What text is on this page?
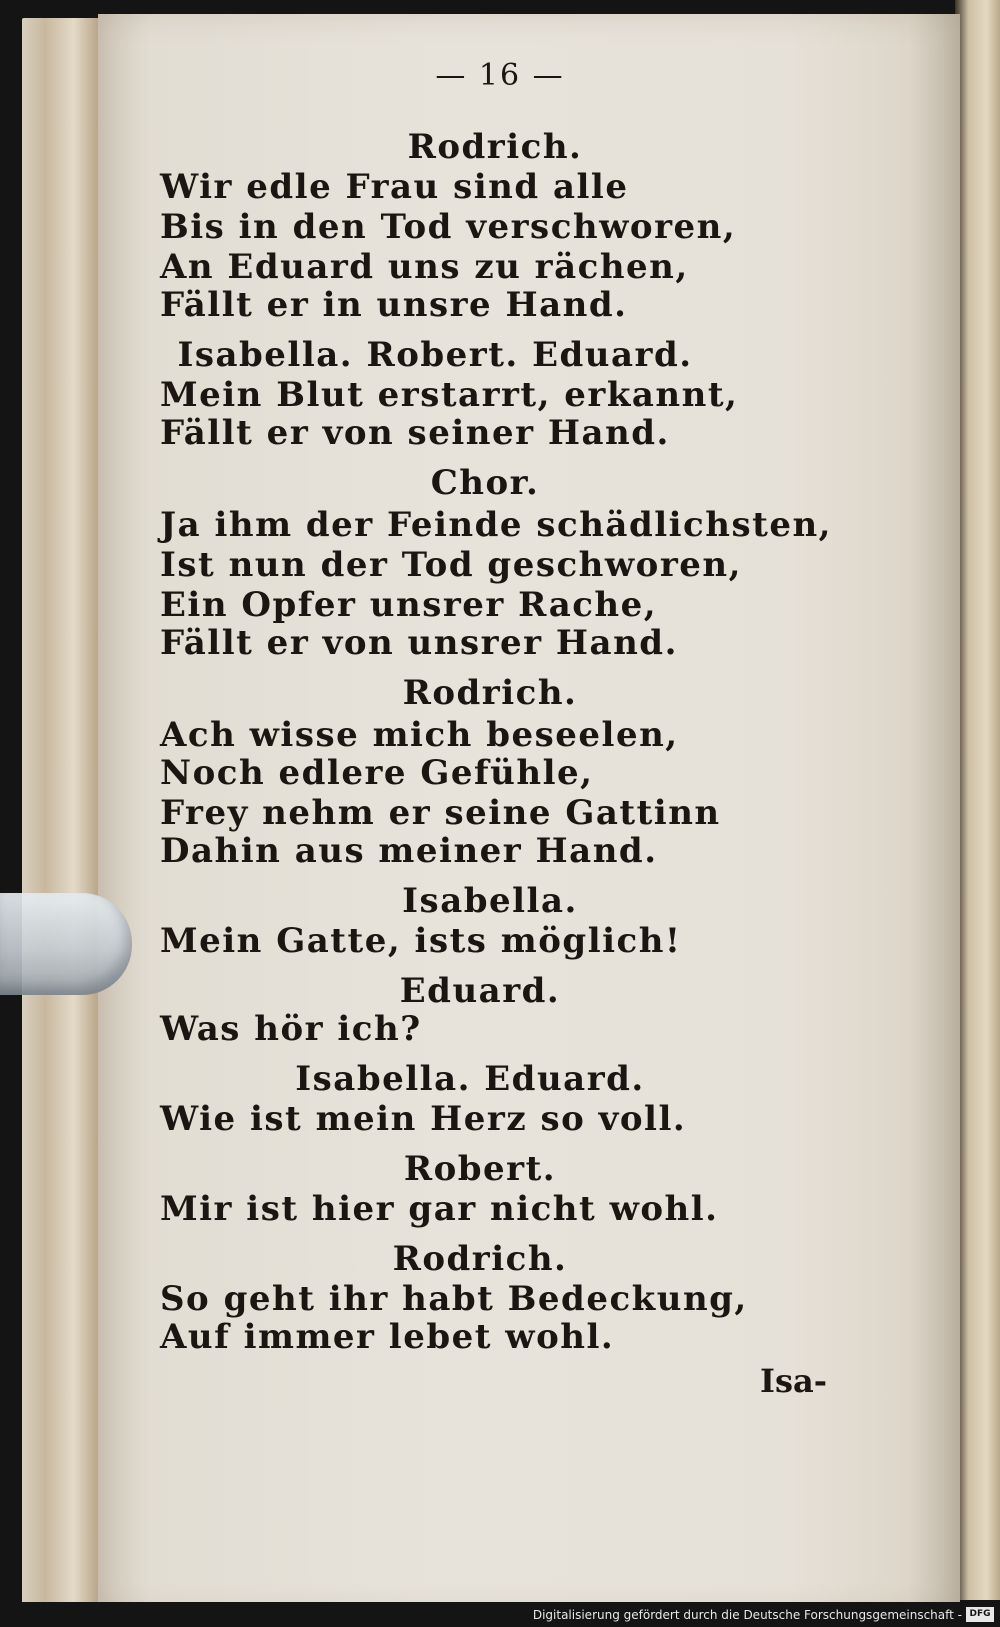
— 16 —
Rodrich.
Wir edle Frau sind alle
Bis in den Tod verschworen,
An Eduard uns zu rächen,
Fällt er in unsre Hand.
Isabella. Robert. Eduard.
Mein Blut erstarrt, erkannt,
Fällt er von seiner Hand.
Chor.
Ja ihm der Feinde schädlichsten,
Ist nun der Tod geschworen,
Ein Opfer unsrer Rache,
Fällt er von unsrer Hand.
Rodrich.
Ach wisse mich beseelen,
Noch edlere Gefühle,
Frey nehm er seine Gattinn
Dahin aus meiner Hand.
Isabella.
Mein Gatte, ists möglich!
Eduard.
Was hör ich?
Isabella. Eduard.
Wie ist mein Herz so voll.
Robert.
Mir ist hier gar nicht wohl.
Rodrich.
So geht ihr habt Bedeckung,
Auf immer lebet wohl.
Isa-
Digitalisierung gefördert durch die Deutsche Forschungsgemeinschaft - DFG
